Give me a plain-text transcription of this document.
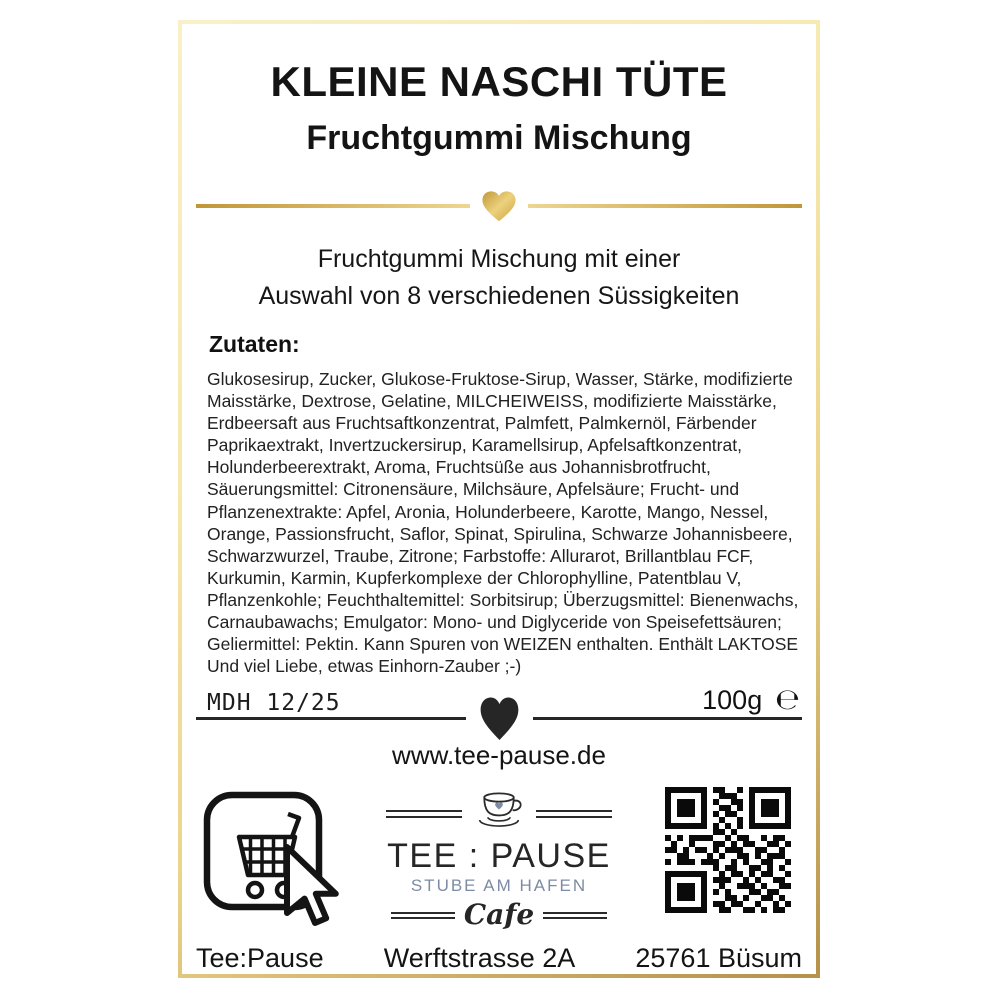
KLEINE NASCHI TÜTE
Fruchtgummi Mischung
Fruchtgummi Mischung mit einer
Auswahl von 8 verschiedenen Süssigkeiten
Zutaten:
Glukosesirup, Zucker, Glukose-Fruktose-Sirup, Wasser, Stärke, modifizierte Maisstärke, Dextrose, Gelatine, MILCHEIWEISS, modifizierte Maisstärke, Erdbeersaft aus Fruchtsaftkonzentrat, Palmfett, Palmkernöl, Färbender Paprikaextrakt, Invertzuckersirup, Karamellsirup, Apfelsaftkonzentrat, Holunderbeerextrakt, Aroma, Fruchtsüße aus Johannisbrotfrucht, Säuerungsmittel: Citronensäure, Milchsäure, Apfelsäure; Frucht- und Pflanzenextrakte: Apfel, Aronia, Holunderbeere, Karotte, Mango, Nessel, Orange, Passionsfrucht, Saflor, Spinat, Spirulina, Schwarze Johannisbeere, Schwarzwurzel, Traube, Zitrone; Farbstoffe: Allurarot, Brillantblau FCF, Kurkumin, Karmin, Kupferkomplexe der Chlorophylline, Patentblau V, Pflanzenkohle; Feuchthaltemittel: Sorbitsirup; Überzugsmittel: Bienenwachs, Carnaubawachs; Emulgator: Mono- und Diglyceride von Speisefettsäuren; Geliermittel: Pektin. Kann Spuren von WEIZEN enthalten. Enthält LAKTOSE Und viel Liebe, etwas Einhorn-Zauber ;-)
MDH 12/25	100g ℮
www.tee-pause.de
TEE : PAUSE
STUBE AM HAFEN
Cafe
Tee:Pause Werftstrasse 2A 25761 Büsum
